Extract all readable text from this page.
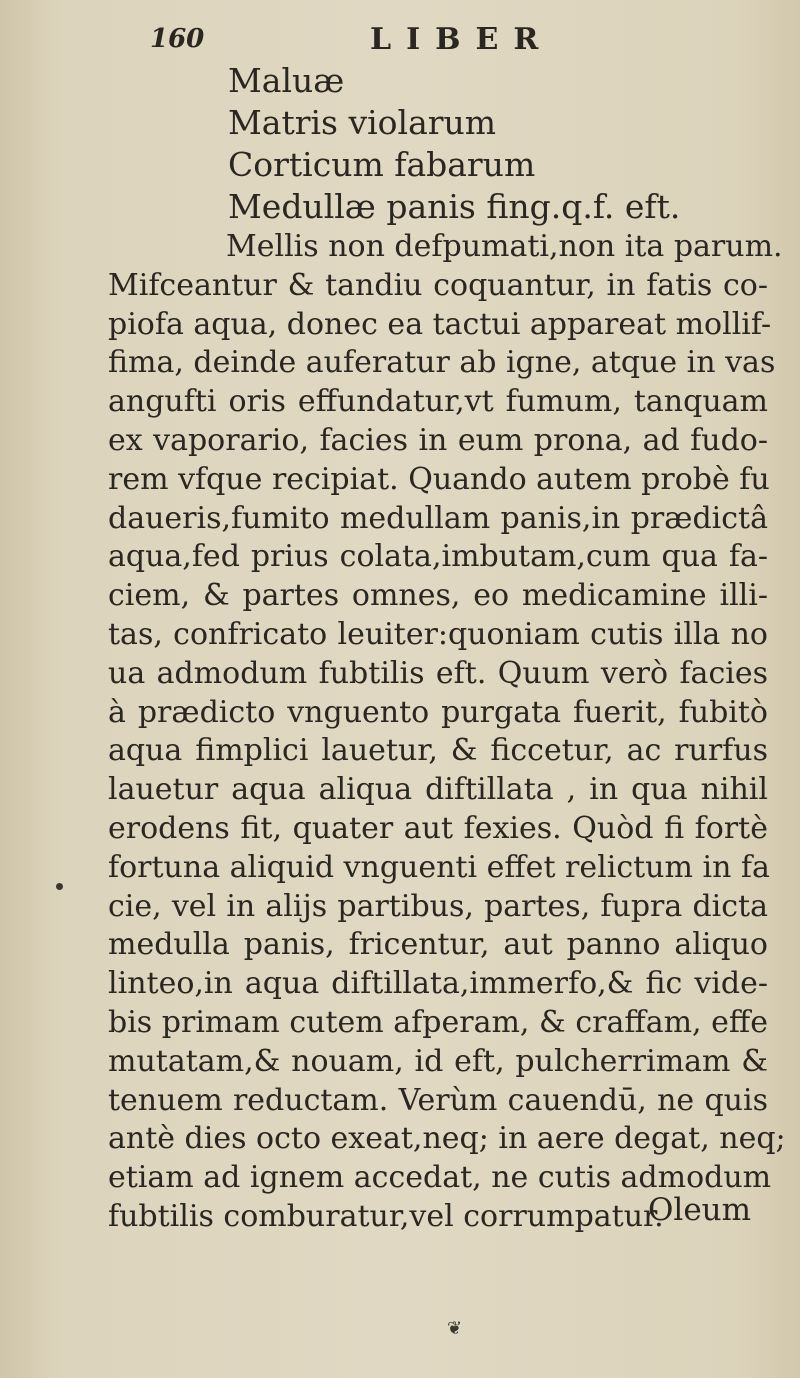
160	LIBER
Maluæ
Matris violarum
Corticum fabarum
Medullæ panis fing.q.f. eft.
Mellis non defpumati,non ita parum.
Mifceantur & tandiu coquantur, in fatis co-
piofa aqua, donec ea tactui appareat mollif-
fima, deinde auferatur ab igne, atque in vas
angufti oris effundatur,vt fumum, tanquam
ex vaporario, facies in eum prona, ad fudo-
rem vfque recipiat. Quando autem probè fu
daueris,fumito medullam panis,in prædictâ
aqua,fed prius colata,imbutam,cum qua fa-
ciem, & partes omnes, eo medicamine illi-
tas, confricato leuiter:quoniam cutis illa no
ua admodum fubtilis eft. Quum verò facies
à prædicto vnguento purgata fuerit, fubitò
aqua fimplici lauetur, & ficcetur, ac rurfus
lauetur aqua aliqua diftillata , in qua nihil
erodens fit, quater aut fexies. Quòd fi fortè
fortuna aliquid vnguenti effet relictum in fa
cie, vel in alijs partibus, partes, fupra dicta
medulla panis, fricentur, aut panno aliquo
linteo,in aqua diftillata,immerfo,& fic vide-
bis primam cutem afperam, & craffam, effe
mutatam,& nouam, id eft, pulcherrimam &
tenuem reductam. Verùm cauendū, ne quis
antè dies octo exeat,neq; in aere degat, neq;
etiam ad ignem accedat, ne cutis admodum
fubtilis comburatur,vel corrumpatur.
Oleum
❦
